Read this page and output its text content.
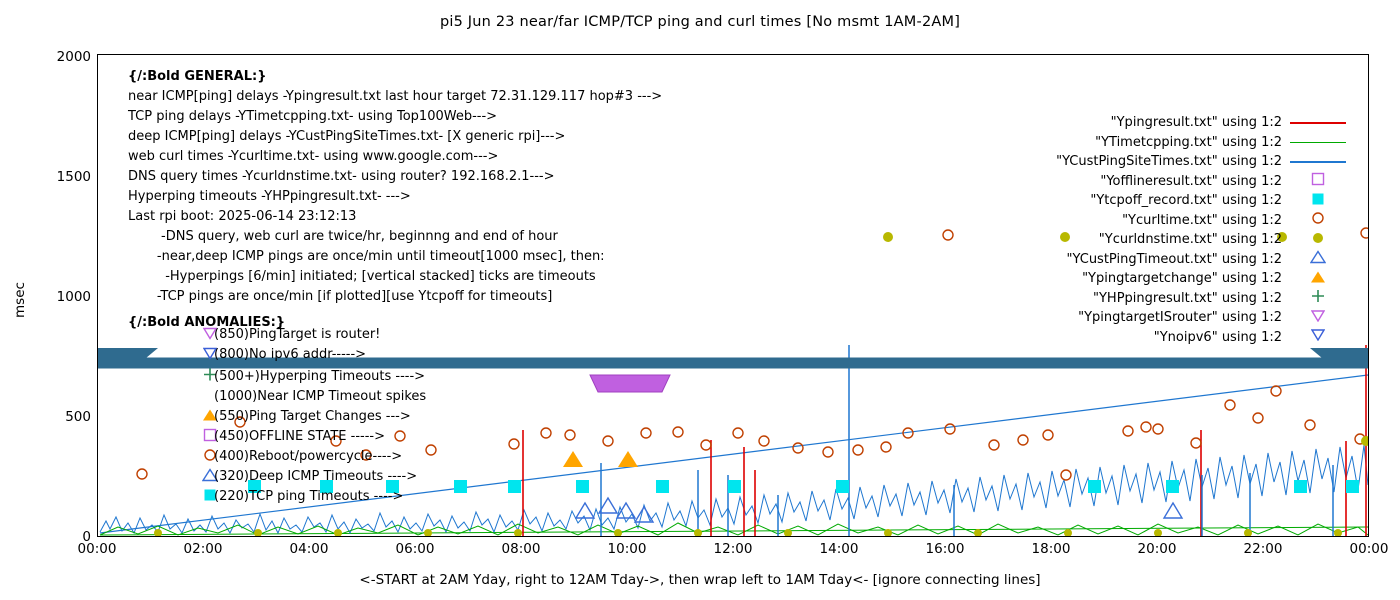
pi5 Jun 23 near/far ICMP/TCP ping and curl times [No msmt 1AM-2AM]
msec
0
500
1000
1500
2000
00:00	02:00	04:00	06:00	08:00	10:00	12:00	14:00	16:00	18:00	20:00	22:00	00:00
<-START at 2AM Yday, right to 12AM Tday->, then wrap left to 1AM Tday<- [ignore connecting lines]
{/:Bold GENERAL:}
near ICMP[ping] delays -Ypingresult.txt last hour target 72.31.129.117 hop#3 --->
TCP ping delays -YTimetcpping.txt- using Top100Web--->
deep ICMP[ping] delays -YCustPingSiteTimes.txt- [X generic rpi]--->
web curl times -Ycurltime.txt- using www.google.com--->
DNS query times -Ycurldnstime.txt- using router? 192.168.2.1--->
Hyperping timeouts -YHPpingresult.txt- --->
Last rpi boot: 2025-06-14 23:12:13
-DNS query, web curl are twice/hr, beginnng and end of hour
-near,deep ICMP pings are once/min until timeout[1000 msec], then:
-Hyperpings [6/min] initiated; [vertical stacked] ticks are timeouts
-TCP pings are once/min [if plotted][use Ytcpoff for timeouts]
{/:Bold ANOMALIES:}
(850)PingTarget is router!
(800)No ipv6 addr----->
(500+)Hyperping Timeouts ---->
(1000)Near ICMP Timeout spikes
(550)Ping Target Changes --->
(450)OFFLINE STATE ----->
(400)Reboot/powercycle---->
(320)Deep ICMP Timeouts ---->
(220)TCP ping Timeouts ---->
"Ypingresult.txt" using 1:2
"YTimetcpping.txt" using 1:2
"YCustPingSiteTimes.txt" using 1:2
"Yofflineresult.txt" using 1:2
"Ytcpoff_record.txt" using 1:2
"Ycurltime.txt" using 1:2
"Ycurldnstime.txt" using 1:2
"YCustPingTimeout.txt" using 1:2
"Ypingtargetchange" using 1:2
"YHPpingresult.txt" using 1:2
"YpingtargetISrouter" using 1:2
"Ynoipv6" using 1:2
